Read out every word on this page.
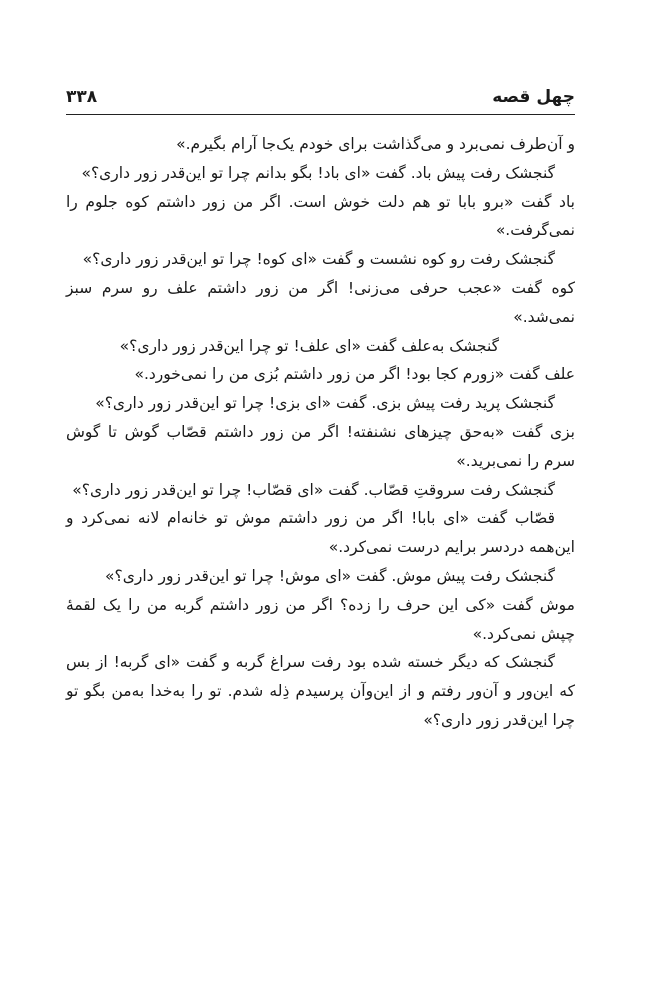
چهل قصه
۳۳۸

و آن‌طرف نمی‌برد و می‌گذاشت برای خودم یک‌جا آرام بگیرم.»

گنجشک رفت پیش باد. گفت «ای باد! بگو بدانم چرا تو این‌قدر زور داری؟»

باد گفت «برو بابا تو هم دلت خوش است. اگر من زور داشتم کوه جلوم را نمی‌گرفت.»

گنجشک رفت رو کوه نشست و گفت «ای کوه! چرا تو این‌قدر زور داری؟»

کوه گفت «عجب حرفی می‌زنی! اگر من زور داشتم علف رو سرم سبز نمی‌شد.»

گنجشک به‌علف گفت «ای علف! تو چرا این‌قدر زور داری؟»

علف گفت «زورم کجا بود! اگر من زور داشتم بُزی من را نمی‌خورد.»

گنجشک پرید رفت پیش بزی. گفت «ای بزی! چرا تو این‌قدر زور داری؟»

بزی گفت «به‌حق چیزهای نشنفته! اگر من زور داشتم قصّاب گوش تا گوش سرم را نمی‌برید.»

گنجشک رفت سروقتِ قصّاب. گفت «ای قصّاب! چرا تو این‌قدر زور داری؟»

قصّاب گفت «ای بابا! اگر من زور داشتم موش تو خانه‌ام لانه نمی‌کرد و این‌همه دردسر برایم درست نمی‌کرد.»

گنجشک رفت پیش موش. گفت «ای موش! چرا تو این‌قدر زور داری؟»

موش گفت «کی این حرف را زده؟ اگر من زور داشتم گربه من را یک لقمهٔ چپش نمی‌کرد.»

گنجشک که دیگر خسته شده بود رفت سراغ گربه و گفت «ای گربه! از بس که این‌ور و آن‌ور رفتم و از این‌وآن پرسیدم ذِله شدم. تو را به‌خدا به‌من بگو تو چرا این‌قدر زور داری؟»
